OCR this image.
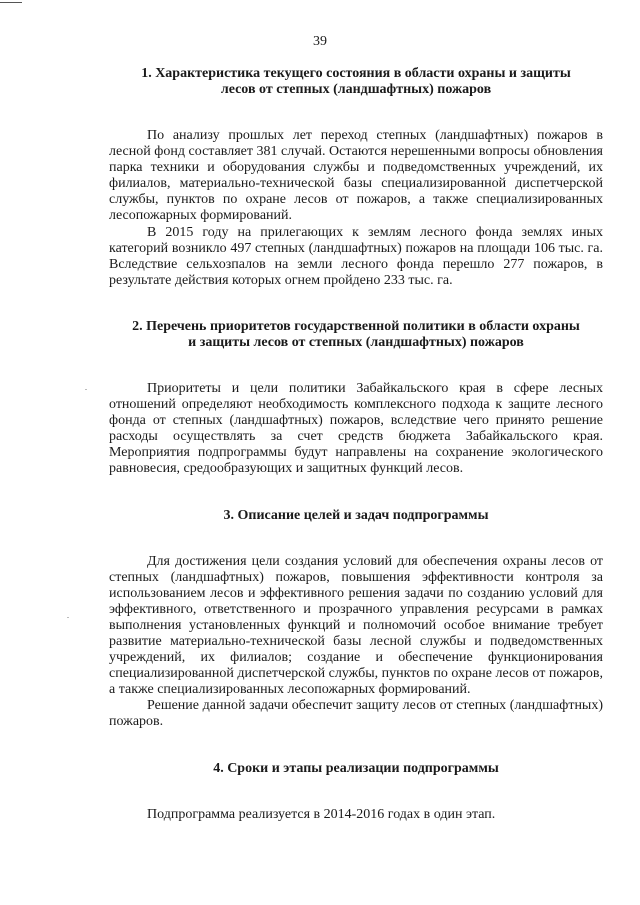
39
1. Характеристика текущего состояния в области охраны и защиты
лесов от степных (ландшафтных) пожаров

По анализу прошлых лет переход степных (ландшафтных) пожаров в лесной фонд составляет 381 случай. Остаются нерешенными вопросы обновления парка техники и оборудования службы и подведомственных учреждений, их филиалов, материально-технической базы специализированной диспетчерской службы, пунктов по охране лесов от пожаров, а также специализированных лесопожарных формирований.

В 2015 году на прилегающих к землям лесного фонда землях иных категорий возникло 497 степных (ландшафтных) пожаров на площади 106 тыс. га. Вследствие сельхозпалов на земли лесного фонда перешло 277 пожаров, в результате действия которых огнем пройдено 233 тыс. га.

2. Перечень приоритетов государственной политики в области охраны
и защиты лесов от степных (ландшафтных) пожаров

Приоритеты и цели политики Забайкальского края в сфере лесных отношений определяют необходимость комплексного подхода к защите лесного фонда от степных (ландшафтных) пожаров, вследствие чего принято решение расходы осуществлять за счет средств бюджета Забайкальского края. Мероприятия подпрограммы будут направлены на сохранение экологического равновесия, средообразующих и защитных функций лесов.

3. Описание целей и задач подпрограммы

Для достижения цели создания условий для обеспечения охраны лесов от степных (ландшафтных) пожаров, повышения эффективности контроля за использованием лесов и эффективного решения задачи по созданию условий для эффективного, ответственного и прозрачного управления ресурсами в рамках выполнения установленных функций и полномочий особое внимание требует развитие материально-технической базы лесной службы и подведомственных учреждений, их филиалов; создание и обеспечение функционирования специализированной диспетчерской службы, пунктов по охране лесов от пожаров, а также специализированных лесопожарных формирований.

Решение данной задачи обеспечит защиту лесов от степных (ландшафтных) пожаров.

4. Сроки и этапы реализации подпрограммы

Подпрограмма реализуется в 2014-2016 годах в один этап.
